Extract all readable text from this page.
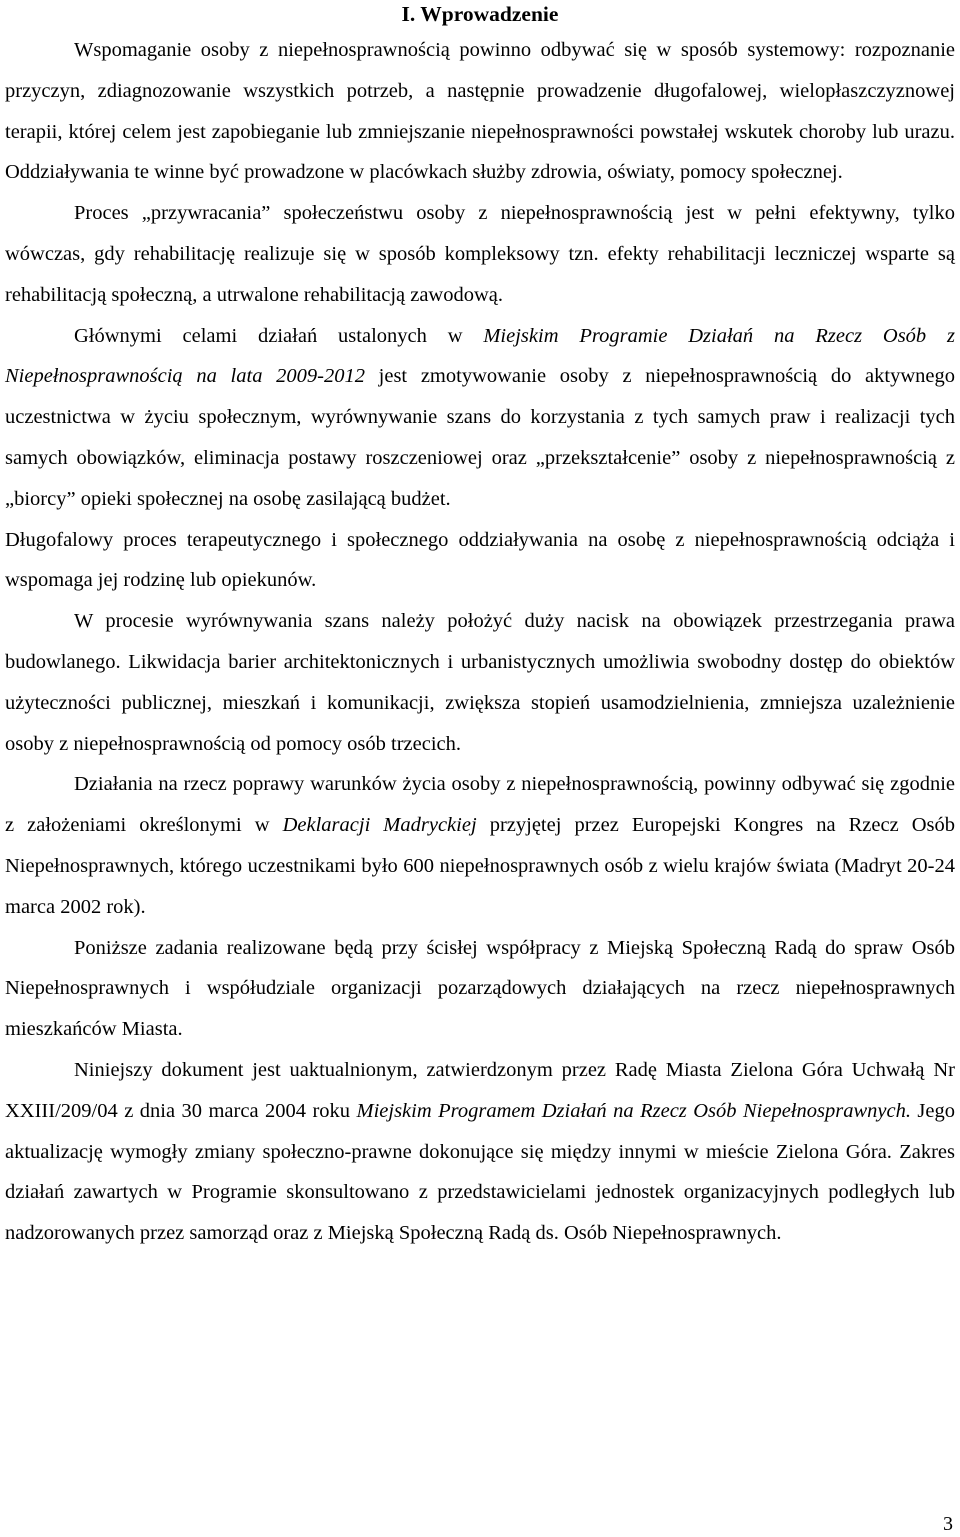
I. Wprowadzenie

Wspomaganie osoby z niepełnosprawnością powinno odbywać się w sposób systemowy: rozpoznanie przyczyn, zdiagnozowanie wszystkich potrzeb, a następnie prowadzenie długofalowej, wielopłaszczyznowej terapii, której celem jest zapobieganie lub zmniejszanie niepełnosprawności powstałej wskutek choroby lub urazu. Oddziaływania te winne być prowadzone w placówkach służby zdrowia, oświaty, pomocy społecznej.

Proces „przywracania” społeczeństwu osoby z niepełnosprawnością jest w pełni efektywny, tylko wówczas, gdy rehabilitację realizuje się w sposób kompleksowy tzn. efekty rehabilitacji leczniczej wsparte są rehabilitacją społeczną, a utrwalone rehabilitacją zawodową.

Głównymi celami działań ustalonych w Miejskim Programie Działań na Rzecz Osób z Niepełnosprawnością na lata 2009-2012 jest zmotywowanie osoby z niepełnosprawnością do aktywnego uczestnictwa w życiu społecznym, wyrównywanie szans do korzystania z tych samych praw i realizacji tych samych obowiązków, eliminacja postawy roszczeniowej oraz „przekształcenie” osoby z niepełnosprawnością z „biorcy” opieki społecznej na osobę zasilającą budżet.

Długofalowy proces terapeutycznego i społecznego oddziaływania na osobę z niepełnosprawnością odciąża i wspomaga jej rodzinę lub opiekunów.

W procesie wyrównywania szans należy położyć duży nacisk na obowiązek przestrzegania prawa budowlanego. Likwidacja barier architektonicznych i urbanistycznych umożliwia swobodny dostęp do obiektów użyteczności publicznej, mieszkań i komunikacji, zwiększa stopień usamodzielnienia, zmniejsza uzależnienie osoby z niepełnosprawnością od pomocy osób trzecich.

Działania na rzecz poprawy warunków życia osoby z niepełnosprawnością, powinny odbywać się zgodnie z założeniami określonymi w Deklaracji Madryckiej przyjętej przez Europejski Kongres na Rzecz Osób Niepełnosprawnych, którego uczestnikami było 600 niepełnosprawnych osób z wielu krajów świata (Madryt 20-24 marca 2002 rok).

Poniższe zadania realizowane będą przy ścisłej współpracy z Miejską Społeczną Radą do spraw Osób Niepełnosprawnych i współudziale organizacji pozarządowych działających na rzecz niepełnosprawnych mieszkańców Miasta.

Niniejszy dokument jest uaktualnionym, zatwierdzonym przez Radę Miasta Zielona Góra Uchwałą Nr XXIII/209/04 z dnia 30 marca 2004 roku Miejskim Programem Działań na Rzecz Osób Niepełnosprawnych. Jego aktualizację wymogły zmiany społeczno-prawne dokonujące się między innymi w mieście Zielona Góra. Zakres działań zawartych w Programie skonsultowano z przedstawicielami jednostek organizacyjnych podległych lub nadzorowanych przez samorząd oraz z Miejską Społeczną Radą ds. Osób Niepełnosprawnych.

3
